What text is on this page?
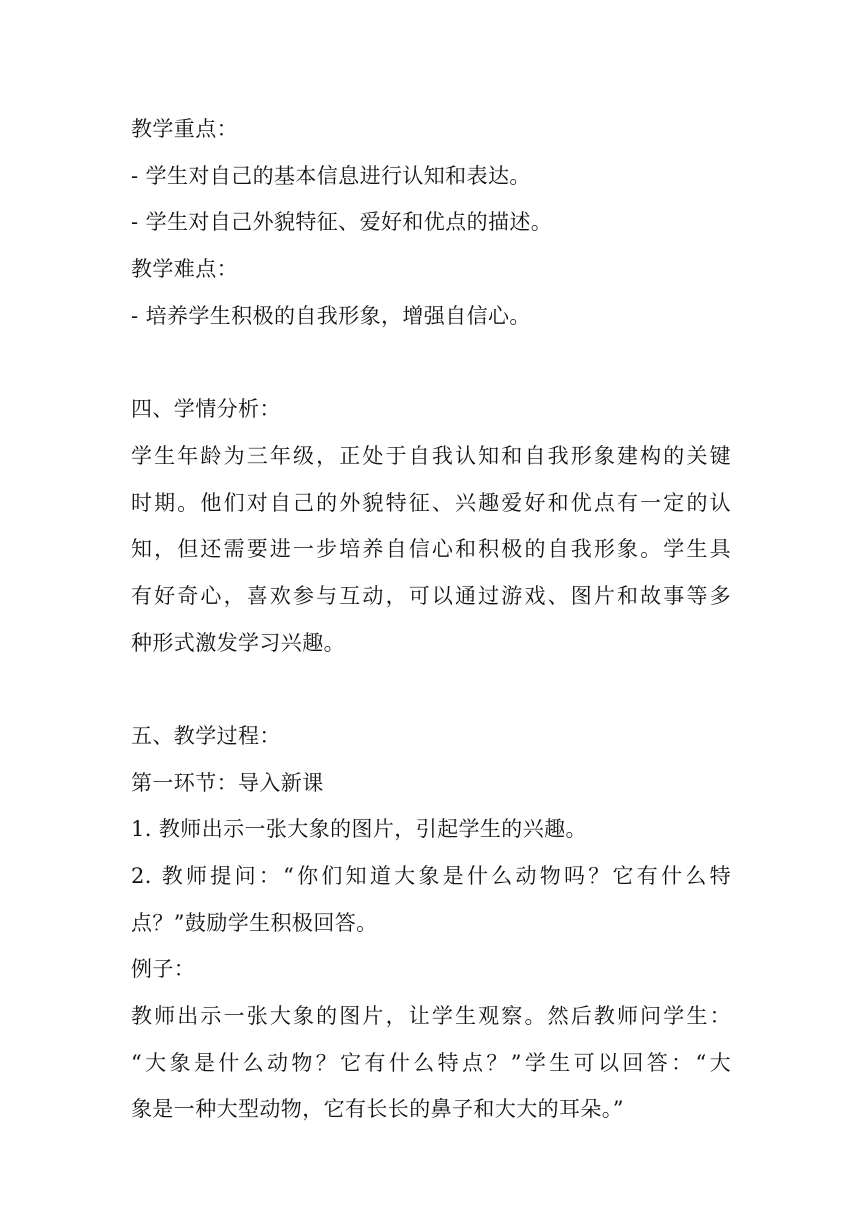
教学重点：
- 学生对自己的基本信息进行认知和表达。
- 学生对自己外貌特征、爱好和优点的描述。
教学难点：
- 培养学生积极的自我形象，增强自信心。
四、学情分析：
学生年龄为三年级，正处于自我认知和自我形象建构的关键
时期。他们对自己的外貌特征、兴趣爱好和优点有一定的认
知，但还需要进一步培养自信心和积极的自我形象。学生具
有好奇心，喜欢参与互动，可以通过游戏、图片和故事等多
种形式激发学习兴趣。
五、教学过程：
第一环节：导入新课
1. 教师出示一张大象的图片，引起学生的兴趣。
2. 教师提问：“你们知道大象是什么动物吗？它有什么特
点？”鼓励学生积极回答。
例子：
教师出示一张大象的图片，让学生观察。然后教师问学生：
“大象是什么动物？它有什么特点？”学生可以回答：“大
象是一种大型动物，它有长长的鼻子和大大的耳朵。”
